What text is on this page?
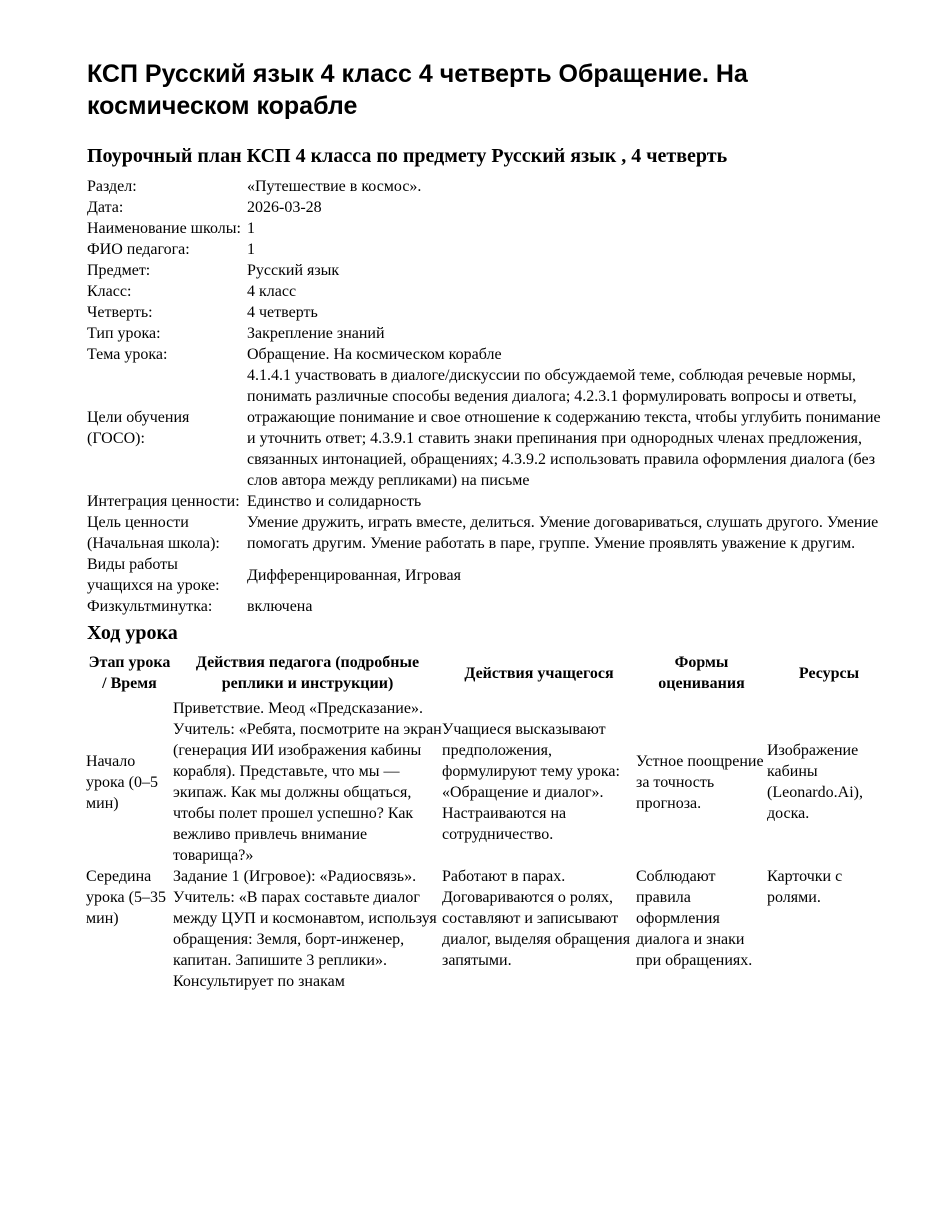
КСП Русский язык 4 класс 4 четверть Обращение. На космическом корабле
Поурочный план КСП 4 класса по предмету Русский язык , 4 четверть
Раздел:	«Путешествие в космос».
Дата:	2026-03-28
Наименование школы:	1
ФИО педагога:	1
Предмет:	Русский язык
Класс:	4 класс
Четверть:	4 четверть
Тип урока:	Закрепление знаний
Тема урока:	Обращение. На космическом корабле
Цели обучения (ГОСО):	4.1.4.1 участвовать в диалоге/дискуссии по обсуждаемой теме, соблюдая речевые нормы, понимать различные способы ведения диалога; 4.2.3.1 формулировать вопросы и ответы, отражающие понимание и свое отношение к содержанию текста, чтобы углубить понимание и уточнить ответ; 4.3.9.1 ставить знаки препинания при однородных членах предложения, связанных интонацией, обращениях; 4.3.9.2 использовать правила оформления диалога (без слов автора между репликами) на письме
Интеграция ценности:	Единство и солидарность
Цель ценности (Начальная школа):	Умение дружить, играть вместе, делиться. Умение договариваться, слушать другого. Умение помогать другим. Умение работать в паре, группе. Умение проявлять уважение к другим.
Виды работы учащихся на уроке:	Дифференцированная, Игровая
Физкультминутка:	включена
Ход урока
Этап урока / Время	Действия педагога (подробные реплики и инструкции)	Действия учащегося	Формы оценивания	Ресурсы
Начало урока (0–5 мин)	Приветствие. Меод «Предсказание». Учитель: «Ребята, посмотрите на экран (генерация ИИ изображения кабины корабля). Представьте, что мы — экипаж. Как мы должны общаться, чтобы полет прошел успешно? Как вежливо привлечь внимание товарища?»	Учащиеся высказывают предположения, формулируют тему урока: «Обращение и диалог». Настраиваются на сотрудничество.	Устное поощрение за точность прогноза.	Изображение кабины (Leonardo.Ai), доска.
Середина урока (5–35 мин)	Задание 1 (Игровое): «Радиосвязь». Учитель: «В парах составьте диалог между ЦУП и космонавтом, используя обращения: Земля, борт-инженер, капитан. Запишите 3 реплики». Консультирует по знакам	Работают в парах. Договариваются о ролях, составляют и записывают диалог, выделяя обращения запятыми.	Соблюдают правила оформления диалога и знаки при обращениях.	Карточки с ролями.
